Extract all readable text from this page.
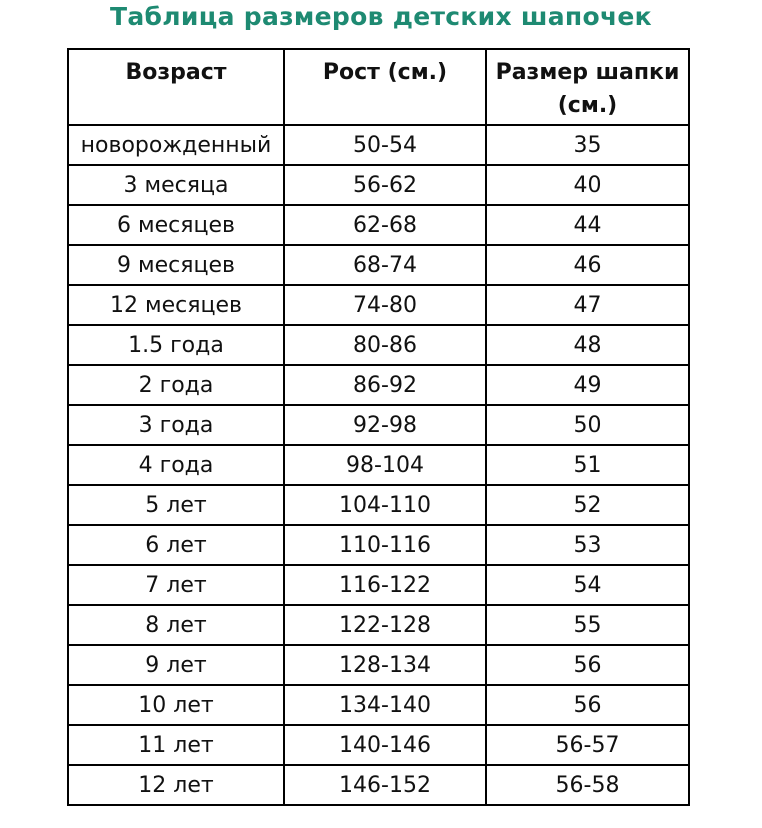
Таблица размеров детских шапочек
Возраст	Рост (см.)	Размер шапки (см.)
новорожденный	50-54	35
3 месяца	56-62	40
6 месяцев	62-68	44
9 месяцев	68-74	46
12 месяцев	74-80	47
1.5 года	80-86	48
2 года	86-92	49
3 года	92-98	50
4 года	98-104	51
5 лет	104-110	52
6 лет	110-116	53
7 лет	116-122	54
8 лет	122-128	55
9 лет	128-134	56
10 лет	134-140	56
11 лет	140-146	56-57
12 лет	146-152	56-58
